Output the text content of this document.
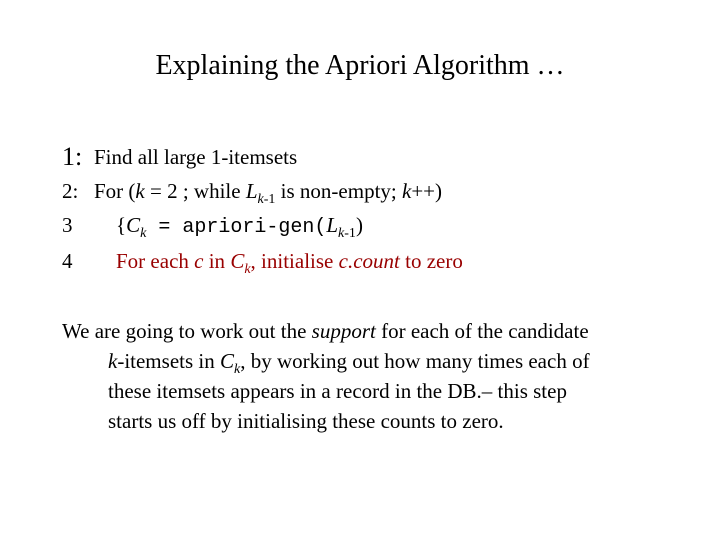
Explaining the Apriori Algorithm …
1: Find all large 1-itemsets
2: For (k = 2 ; while $L_{k-1}$ is non-empty; k++)
3 {$C_k$ = apriori-$gen(L_{k-1})$
4 For each c in $C_k$, initialise c.count to zero
We are going to work out the support for each of the candidate
k-itemsets in $C_k$, by working out how many times each of
these itemsets appears in a record in the DB.– this step
starts us off by initialising these counts to zero.
